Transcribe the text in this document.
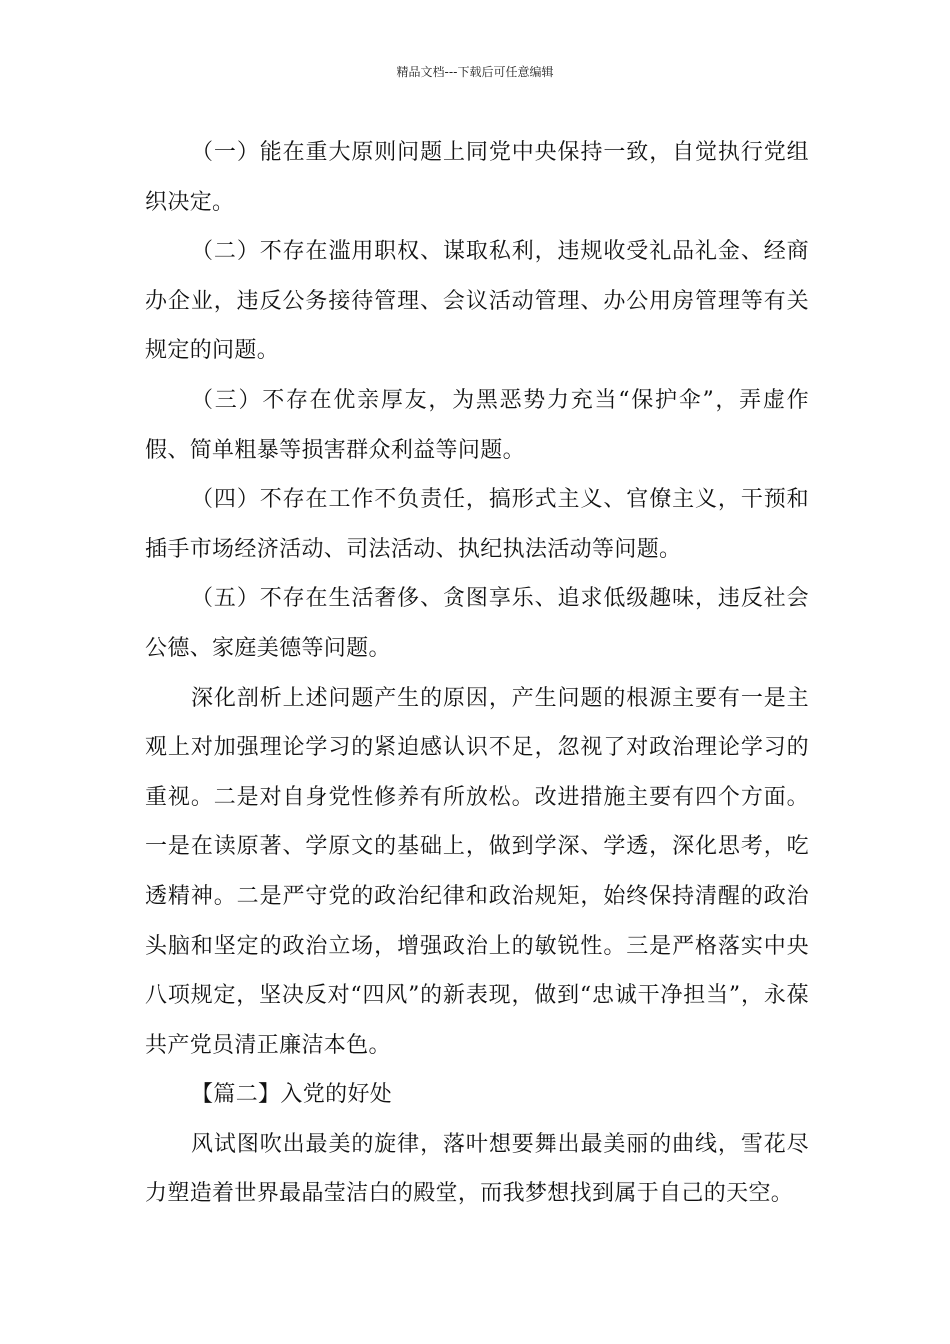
精品文档---下载后可任意编辑

（一）能在重大原则问题上同党中央保持一致，自觉执行党组织决定。

（二）不存在滥用职权、谋取私利，违规收受礼品礼金、经商办企业，违反公务接待管理、会议活动管理、办公用房管理等有关规定的问题。

（三）不存在优亲厚友，为黑恶势力充当“保护伞”，弄虚作假、简单粗暴等损害群众利益等问题。

（四）不存在工作不负责任，搞形式主义、官僚主义，干预和插手市场经济活动、司法活动、执纪执法活动等问题。

（五）不存在生活奢侈、贪图享乐、追求低级趣味，违反社会公德、家庭美德等问题。

深化剖析上述问题产生的原因，产生问题的根源主要有一是主观上对加强理论学习的紧迫感认识不足，忽视了对政治理论学习的重视。二是对自身党性修养有所放松。改进措施主要有四个方面。一是在读原著、学原文的基础上，做到学深、学透，深化思考，吃透精神。二是严守党的政治纪律和政治规矩，始终保持清醒的政治头脑和坚定的政治立场，增强政治上的敏锐性。三是严格落实中央八项规定，坚决反对“四风”的新表现，做到“忠诚干净担当”，永葆共产党员清正廉洁本色。

【篇二】入党的好处

风试图吹出最美的旋律，落叶想要舞出最美丽的曲线，雪花尽力塑造着世界最晶莹洁白的殿堂，而我梦想找到属于自己的天空。
